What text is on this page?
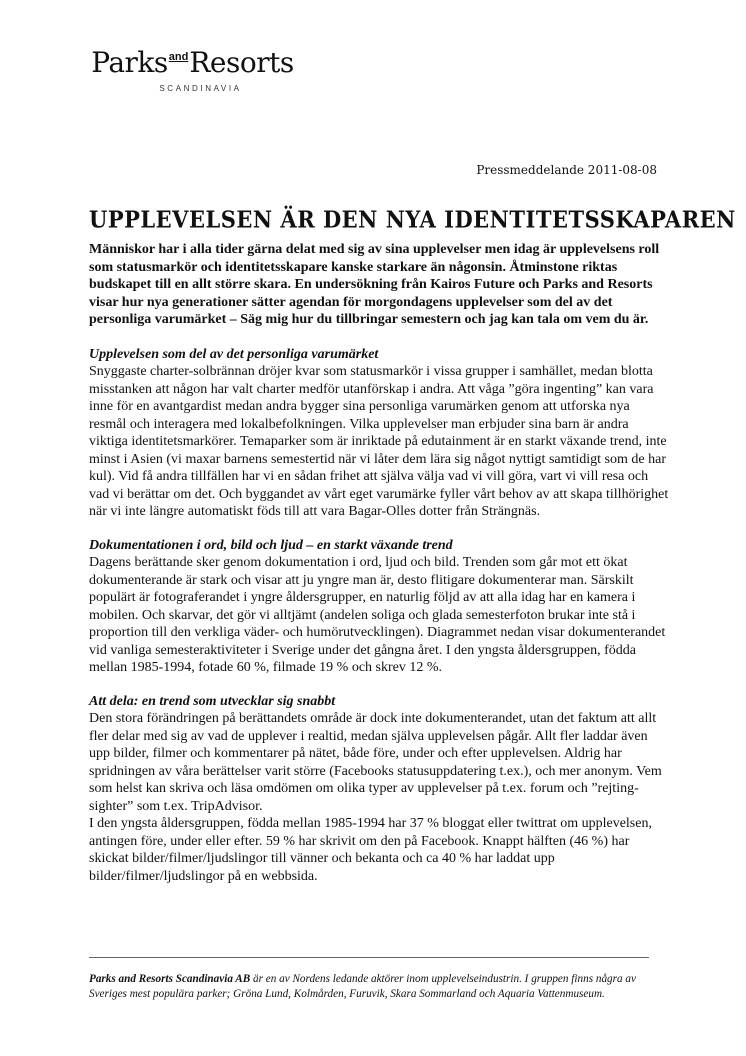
Parks$^{and}$Resorts
SCANDINAVIA
Pressmeddelande 2011-08-08
UPPLEVELSEN ÄR DEN NYA IDENTITETSSKAPAREN

Människor har i alla tider gärna delat med sig av sina upplevelser men idag är upplevelsens roll som statusmarkör och identitetsskapare kanske starkare än någonsin. Åtminstone riktas budskapet till en allt större skara. En undersökning från Kairos Future och Parks and Resorts visar hur nya generationer sätter agendan för morgondagens upplevelser som del av det personliga varumärket – Säg mig hur du tillbringar semestern och jag kan tala om vem du är.

Upplevelsen som del av det personliga varumärket

Snyggaste charter-solbrännan dröjer kvar som statusmarkör i vissa grupper i samhället, medan blotta misstanken att någon har valt charter medför utanförskap i andra. Att våga ”göra ingenting” kan vara inne för en avantgardist medan andra bygger sina personliga varumärken genom att utforska nya resmål och interagera med lokalbefolkningen. Vilka upplevelser man erbjuder sina barn är andra viktiga identitetsmarkörer. Temaparker som är inriktade på edutainment är en starkt växande trend, inte minst i Asien (vi maxar barnens semestertid när vi låter dem lära sig något nyttigt samtidigt som de har kul). Vid få andra tillfällen har vi en sådan frihet att själva välja vad vi vill göra, vart vi vill resa och vad vi berättar om det. Och byggandet av vårt eget varumärke fyller vårt behov av att skapa tillhörighet när vi inte längre automatiskt föds till att vara Bagar-Olles dotter från Strängnäs.

Dokumentationen i ord, bild och ljud – en starkt växande trend

Dagens berättande sker genom dokumentation i ord, ljud och bild. Trenden som går mot ett ökat dokumenterande är stark och visar att ju yngre man är, desto flitigare dokumenterar man. Särskilt populärt är fotograferandet i yngre åldersgrupper, en naturlig följd av att alla idag har en kamera i mobilen. Och skarvar, det gör vi alltjämt (andelen soliga och glada semesterfoton brukar inte stå i proportion till den verkliga väder- och humörutvecklingen). Diagrammet nedan visar dokumenterandet vid vanliga semesteraktiviteter i Sverige under det gångna året. I den yngsta åldersgruppen, födda mellan 1985-1994, fotade 60 %, filmade 19 % och skrev 12 %.

Att dela: en trend som utvecklar sig snabbt

Den stora förändringen på berättandets område är dock inte dokumenterandet, utan det faktum att allt fler delar med sig av vad de upplever i realtid, medan själva upplevelsen pågår. Allt fler laddar även upp bilder, filmer och kommentarer på nätet, både före, under och efter upplevelsen. Aldrig har spridningen av våra berättelser varit större (Facebooks statusuppdatering t.ex.), och mer anonym. Vem som helst kan skriva och läsa omdömen om olika typer av upplevelser på t.ex. forum och ”rejting-sighter” som t.ex. TripAdvisor.

I den yngsta åldersgruppen, födda mellan 1985-1994 har 37 % bloggat eller twittrat om upplevelsen, antingen före, under eller efter. 59 % har skrivit om den på Facebook. Knappt hälften (46 %) har skickat bilder/filmer/ljudslingor till vänner och bekanta och ca 40 % har laddat upp bilder/filmer/ljudslingor på en webbsida.

Parks and Resorts Scandinavia AB är en av Nordens ledande aktörer inom upplevelseindustrin. I gruppen finns några av Sveriges mest populära parker; Gröna Lund, Kolmården, Furuvik, Skara Sommarland och Aquaria Vattenmuseum.
